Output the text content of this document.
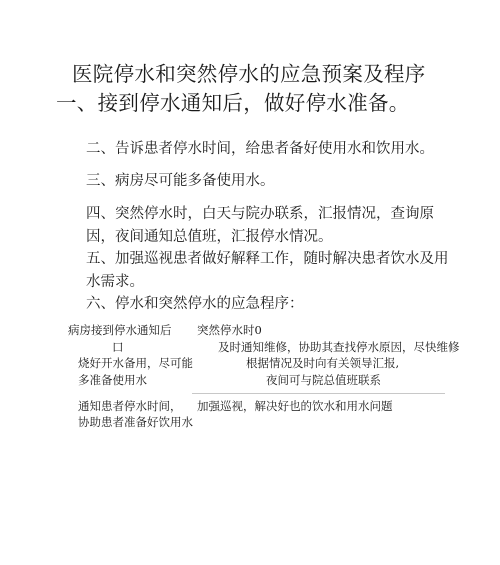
医院停水和突然停水的应急预案及程序
一、接到停水通知后，做好停水准备。
二、告诉患者停水时间，给患者备好使用水和饮用水。
三、病房尽可能多备使用水。
四、突然停水时，白天与院办联系，汇报情况，查询原因，夜间通知总值班，汇报停水情况。
五、加强巡视患者做好解释工作，随时解决患者饮水及用水需求。
六、停水和突然停水的应急程序：
病房接到停水通知后
口
烧好开水备用，尽可能
多准备使用水
突然停水时0
及时通知维修，协助其查找停水原因，尽快维修
根据情况及时向有关领导汇报,
夜间可与院总值班联系
通知患者停水时间，
协助患者准备好饮用水
加强巡视，解决好也的饮水和用水问题
